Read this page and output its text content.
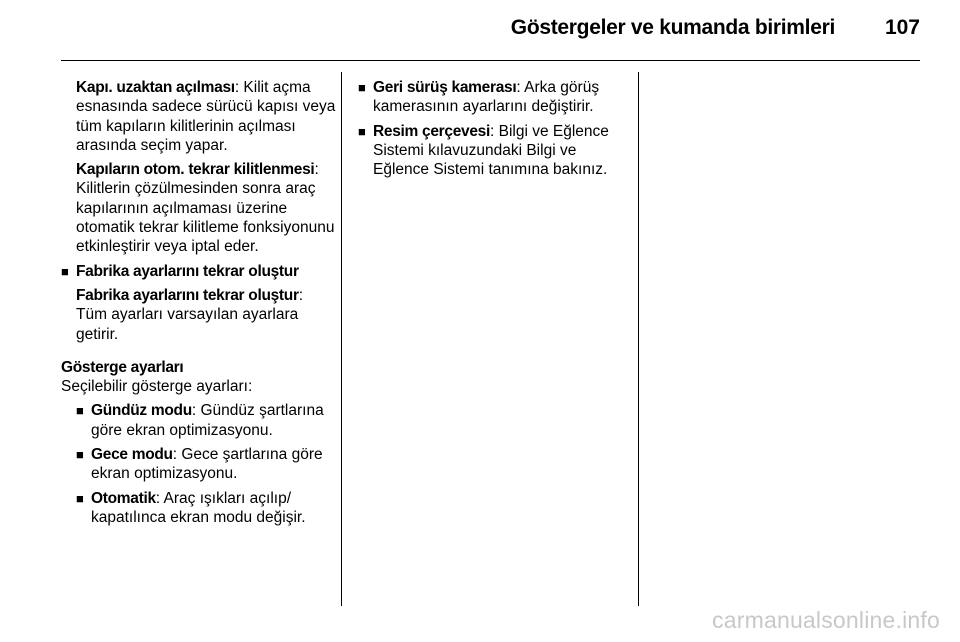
Göstergeler ve kumanda birimleri 107
Kapı. uzaktan açılması: Kilit açma esnasında sadece sürücü kapısı veya tüm kapıların kilitlerinin açılması arasında seçim yapar.
Kapıların otom. tekrar kilitlenmesi: Kilitlerin çözülmesinden sonra araç kapılarının açılmaması üzerine otomatik tekrar kilitleme fonksiyonunu etkinleştirir veya iptal eder.
■ Fabrika ayarlarını tekrar oluştur
Fabrika ayarlarını tekrar oluştur: Tüm ayarları varsayılan ayarlara getirir.
Gösterge ayarları
Seçilebilir gösterge ayarları:
■ Gündüz modu: Gündüz şartlarına göre ekran optimizasyonu.
■ Gece modu: Gece şartlarına göre ekran optimizasyonu.
■ Otomatik: Araç ışıkları açılıp/ kapatılınca ekran modu değişir.
■ Geri sürüş kamerası: Arka görüş kamerasının ayarlarını değiştirir.
■ Resim çerçevesi: Bilgi ve Eğlence Sistemi kılavuzundaki Bilgi ve Eğlence Sistemi tanımına bakınız.
carmanualsonline.info
